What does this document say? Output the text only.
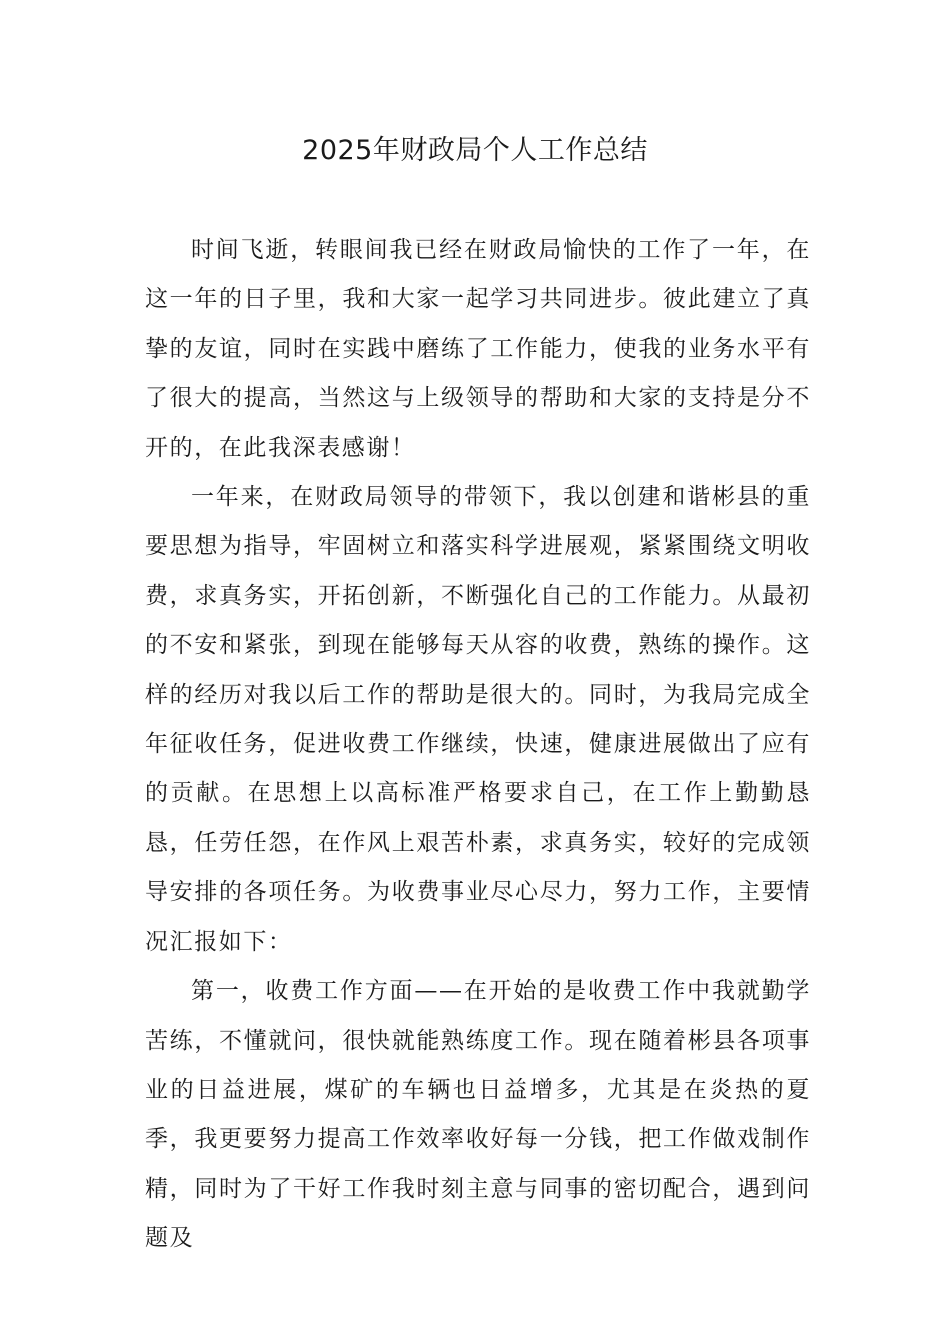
2025年财政局个人工作总结

时间飞逝，转眼间我已经在财政局愉快的工作了一年，在这一年的日子里，我和大家一起学习共同进步。彼此建立了真挚的友谊，同时在实践中磨练了工作能力，使我的业务水平有了很大的提高，当然这与上级领导的帮助和大家的支持是分不开的，在此我深表感谢！

一年来，在财政局领导的带领下，我以创建和谐彬县的重要思想为指导，牢固树立和落实科学进展观，紧紧围绕文明收费，求真务实，开拓创新，不断强化自己的工作能力。从最初的不安和紧张，到现在能够每天从容的收费，熟练的操作。这样的经历对我以后工作的帮助是很大的。同时，为我局完成全年征收任务，促进收费工作继续，快速，健康进展做出了应有的贡献。在思想上以高标准严格要求自己，在工作上勤勤恳恳，任劳任怨，在作风上艰苦朴素，求真务实，较好的完成领导安排的各项任务。为收费事业尽心尽力，努力工作，主要情况汇报如下：

第一，收费工作方面——在开始的是收费工作中我就勤学苦练，不懂就问，很快就能熟练度工作。现在随着彬县各项事业的日益进展，煤矿的车辆也日益增多，尤其是在炎热的夏季，我更要努力提高工作效率收好每一分钱，把工作做戏制作精，同时为了干好工作我时刻主意与同事的密切配合，遇到问题及
